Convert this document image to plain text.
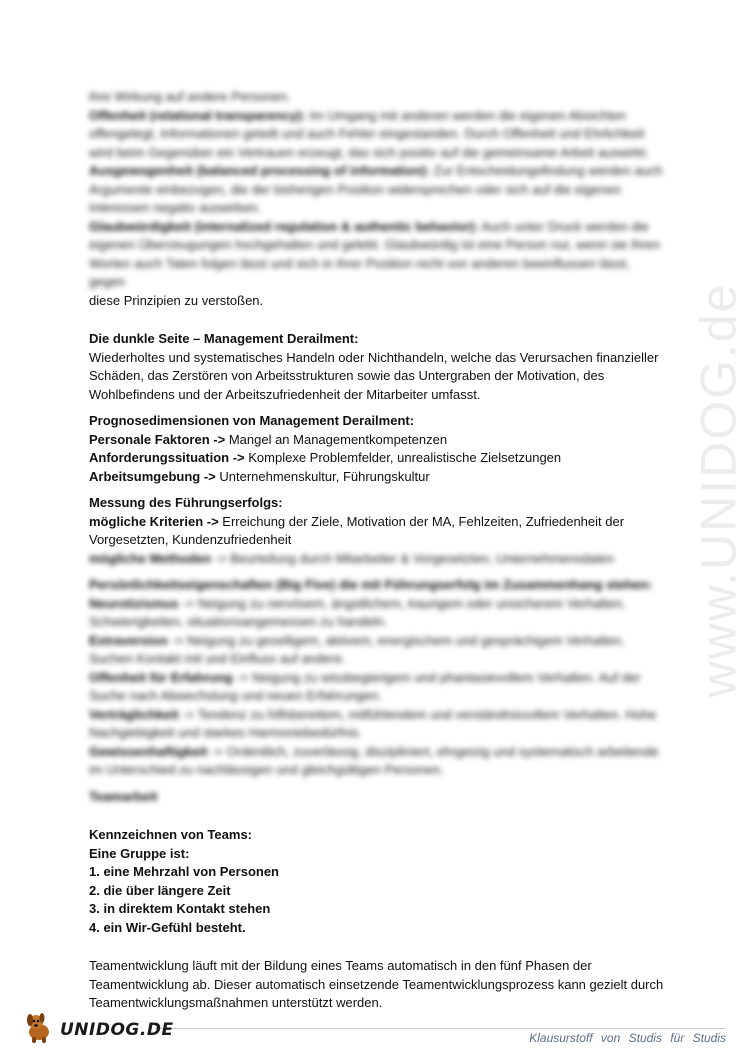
www.UNIDOG.de

ihre Wirkung auf andere Personen.

Offenheit (relational transparency): Im Umgang mit anderen werden die eigenen Absichten offengelegt, Informationen geteilt und auch Fehler eingestanden. Durch Offenheit und Ehrlichkeit wird beim Gegenüber ein Vertrauen erzeugt, das sich positiv auf die gemeinsame Arbeit auswirkt.

Ausgewogenheit (balanced processing of information): Zur Entscheidungsfindung werden auch Argumente einbezogen, die der bisherigen Position widersprechen oder sich auf die eigenen Interessen negativ auswirken.

Glaubwürdigkeit (internalized regulation & authentic behavior): Auch unter Druck werden die eigenen Überzeugungen hochgehalten und gelebt. Glaubwürdig ist eine Person nur, wenn sie ihren Worten auch Taten folgen lässt und sich in ihrer Position nicht von anderen beeinflussen lässt, gegen

diese Prinzipien zu verstoßen.

Die dunkle Seite – Management Derailment:

Wiederholtes und systematisches Handeln oder Nichthandeln, welche das Verursachen finanzieller Schäden, das Zerstören von Arbeitsstrukturen sowie das Untergraben der Motivation, des Wohlbefindens und der Arbeitszufriedenheit der Mitarbeiter umfasst.

Prognosedimensionen von Management Derailment:

Personale Faktoren -> Mangel an Managementkompetenzen

Anforderungssituation -> Komplexe Problemfelder, unrealistische Zielsetzungen

Arbeitsumgebung -> Unternehmenskultur, Führungskultur

Messung des Führungserfolgs:

mögliche Kriterien -> Erreichung der Ziele, Motivation der MA, Fehlzeiten, Zufriedenheit der Vorgesetzten, Kundenzufriedenheit

mögliche Methoden -> Beurteilung durch Mitarbeiter & Vorgesetzten, Unternehmensdaten

Persönlichkeitseigenschaften (Big Five) die mit Führungserfolg im Zusammenhang stehen:

Neurotizismus -> Neigung zu nervösem, ängstlichem, traurigem oder unsicherem Verhalten, Schwierigkeiten, situationsangemessen zu handeln.

Extraversion -> Neigung zu geselligem, aktivem, energischem und gesprächigem Verhalten. Suchen Kontakt mit und Einfluss auf andere.

Offenheit für Erfahrung -> Neigung zu wissbegierigem und phantasievollem Verhalten. Auf der Suche nach Abwechslung und neuen Erfahrungen.

Verträglichkeit -> Tendenz zu hilfsbereitem, mitfühlendem und verständnisvollem Verhalten. Hohe Nachgiebigkeit und starkes Harmoniebedürfnis.

Gewissenhaftigkeit -> Ordentlich, zuverlässig, diszipliniert, ehrgeizig und systematisch arbeitende im Unterschied zu nachlässigen und gleichgültigen Personen.

Teamarbeit

Kennzeichnen von Teams:

Eine Gruppe ist:

1. eine Mehrzahl von Personen

2. die über längere Zeit

3. in direktem Kontakt stehen

4. ein Wir-Gefühl besteht.

Teamentwicklung läuft mit der Bildung eines Teams automatisch in den fünf Phasen der Teamentwicklung ab. Dieser automatisch einsetzende Teamentwicklungsprozess kann gezielt durch Teamentwicklungsmaßnahmen unterstützt werden.

UNIDOG.DE	Klausurstoff von Studis für Studis
